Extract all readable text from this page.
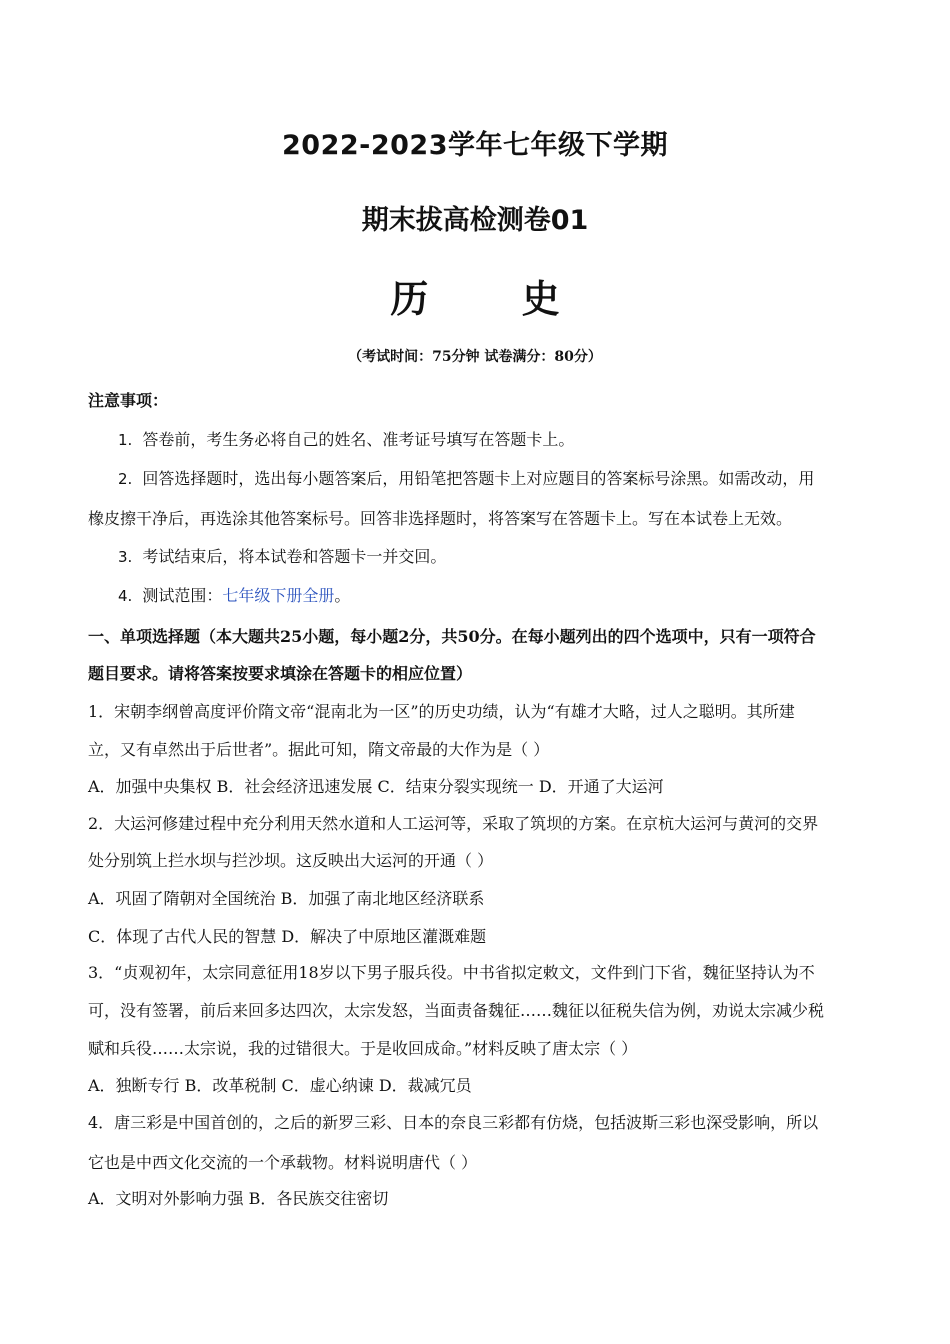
2022-2023学年七年级下学期
期末拔高检测卷01
历 史
（考试时间：75分钟 试卷满分：80分）
注意事项：
1. 答卷前，考生务必将自己的姓名、准考证号填写在答题卡上。
2. 回答选择题时，选出每小题答案后，用铅笔把答题卡上对应题目的答案标号涂黑。如需改动，用
橡皮擦干净后，再选涂其他答案标号。回答非选择题时，将答案写在答题卡上。写在本试卷上无效。
3. 考试结束后，将本试卷和答题卡一并交回。
4. 测试范围：七年级下册全册。
一、单项选择题（本大题共25小题，每小题2分，共50分。在每小题列出的四个选项中，只有一项符合
题目要求。请将答案按要求填涂在答题卡的相应位置）
1．宋朝李纲曾高度评价隋文帝“混南北为一区”的历史功绩，认为“有雄才大略，过人之聪明。其所建
立，又有卓然出于后世者”。据此可知，隋文帝最的大作为是（ ）
A．加强中央集权 B．社会经济迅速发展 C．结束分裂实现统一 D．开通了大运河
2．大运河修建过程中充分利用天然水道和人工运河等，采取了筑坝的方案。在京杭大运河与黄河的交界
处分别筑上拦水坝与拦沙坝。这反映出大运河的开通（ ）
A．巩固了隋朝对全国统治 B．加强了南北地区经济联系
C．体现了古代人民的智慧 D．解决了中原地区灌溉难题
3．“贞观初年，太宗同意征用18岁以下男子服兵役。中书省拟定敕文，文件到门下省，魏征坚持认为不
可，没有签署，前后来回多达四次，太宗发怒，当面责备魏征……魏征以征税失信为例，劝说太宗减少税
赋和兵役……太宗说，我的过错很大。于是收回成命。”材料反映了唐太宗（ ）
A．独断专行 B．改革税制 C．虚心纳谏 D．裁减冗员
4．唐三彩是中国首创的，之后的新罗三彩、日本的奈良三彩都有仿烧，包括波斯三彩也深受影响，所以
它也是中西文化交流的一个承载物。材料说明唐代（ ）
A．文明对外影响力强 B．各民族交往密切
